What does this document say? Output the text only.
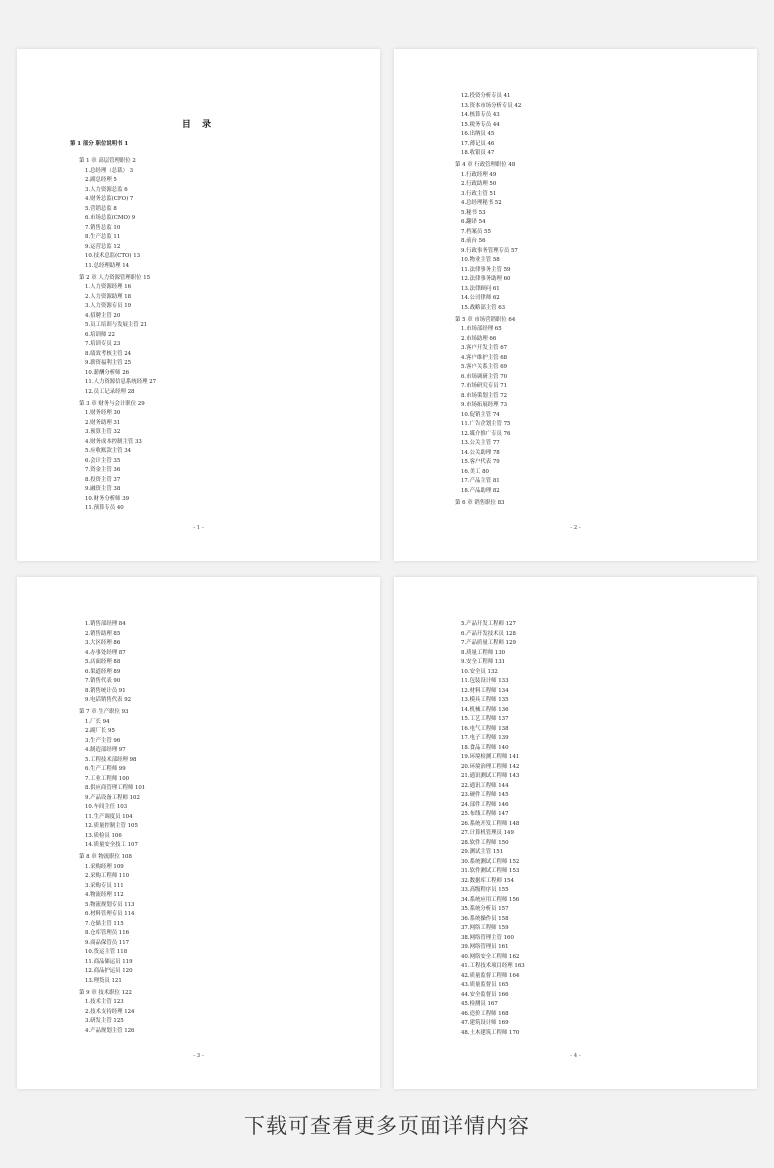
目 录
第 1 部分 职位说明书 1
第 1 章 高层管理职位 2
1.总经理（总裁） 3
2.副总经理 5
3.人力资源总监 6
4.财务总监(CFO) 7
5.营销总监 8
6.市场总监(CMO) 9
7.销售总监 10
8.生产总监 11
9.运营总监 12
10.技术总监(CTO) 13
11.总经理助理 14
第 2 章 人力资源管理职位 15
1.人力资源经理 16
2.人力资源助理 18
3.人力资源专员 19
4.招聘主管 20
5.员工培训与发展主管 21
6.培训师 22
7.培训专员 23
8.绩效考核主管 24
9.薪资福利主管 25
10.薪酬分析师 26
11.人力资源信息系统经理 27
12.员工记录经理 28
第 3 章 财务与会计职位 29
1.财务经理 30
2.财务助理 31
3.预算主管 32
4.财务成本控制主管 33
5.应收账款主管 34
6.会计主管 35
7.资金主管 36
8.投资主管 37
9.融资主管 38
10.财务分析师 39
11.预算专员 40
- 1 -
12.投资分析专员 41
13.资本市场分析专员 42
14.核算专员 43
15.税务专员 44
16.出纳员 45
17.薄记员 46
18.收银员 47
第 4 章 行政管理职位 48
1.行政经理 49
2.行政助理 50
3.行政主管 51
4.总经理秘书 52
5.秘书 53
6.翻译 54
7.档案员 55
8.前台 56
9.行政事务管理专员 57
10.物业主管 58
11.法律事务主管 59
12.法律事务助理 60
13.法律顾问 61
14.公司律师 62
15.战略部主管 63
第 5 章 市场营销职位 64
1.市场部经理 65
2.市场助理 66
3.客户开发主管 67
4.客户维护主管 68
5.客户关系主管 69
6.市场调研主管 70
7.市场研究专员 71
8.市场策划主管 72
9.市场拓展经理 73
10.促销主管 74
11.广告企划主管 75
12.媒介推广专员 76
13.公关主管 77
14.公关助理 78
15.客户代表 79
16.美工 80
17.产品主管 81
18.产品助理 82
第 6 章 销售职位 83
- 2 -
1.销售部经理 84
2.销售助理 85
3.大区经理 86
4.办事处经理 87
5.店面经理 88
6.渠道经理 89
7.销售代表 90
8.销售统计员 91
9.电话销售代表 92
第 7 章 生产职位 93
1.厂长 94
2.副厂长 95
3.生产主管 96
4.制造部经理 97
5.工程技术部经理 98
6.生产工程师 99
7.工业工程师 100
8.供应商管理工程师 101
9.产品设备工程师 102
10.车间主任 103
11.生产调度员 104
12.质量控制主管 105
13.质检员 106
14.质量安全技工 107
第 8 章 物流职位 108
1.采购经理 109
2.采购工程师 110
3.采购专员 111
4.物流经理 112
5.物流规划专员 113
6.材料管理专员 114
7.仓储主管 115
8.仓库管理员 116
9.商品保管员 117
10.货运主管 118
11.商品储运员 119
12.商品护运员 120
13.理货员 121
第 9 章 技术职位 122
1.技术主管 123
2.技术支持经理 124
3.研发主管 125
4.产品规划主管 126
- 3 -
5.产品开发工程师 127
6.产品开发技术员 128
7.产品质量工程师 129
8.质量工程师 130
9.安全工程师 131
10.安全员 132
11.包装设计师 133
12.材料工程师 134
13.模具工程师 135
14.机械工程师 136
15.工艺工程师 137
16.电气工程师 138
17.电子工程师 139
18.食品工程师 140
19.环境检测工程师 141
20.环境治理工程师 142
21.通讯测试工程师 143
22.通讯工程师 144
23.硬件工程师 145
24.部件工程师 146
25.布线工程师 147
26.系统开发工程师 148
27.计算机管理员 149
28.软件工程师 150
29.测试主管 151
30.系统测试工程师 152
31.软件测试工程师 153
32.数据库工程师 154
33.高级程序员 155
34.系统应用工程师 156
35.系统分析员 157
36.系统操作员 158
37.网络工程师 159
38.网络管理主管 160
39.网络管理员 161
40.网络安全工程师 162
41.工程技术项目经理 163
42.质量监督工程师 164
43.质量监督员 165
44.安全监督员 166
45.检测员 167
46.造价工程师 168
47.建筑设计师 169
48.土木建筑工程师 170
- 4 -
下载可查看更多页面详情内容
